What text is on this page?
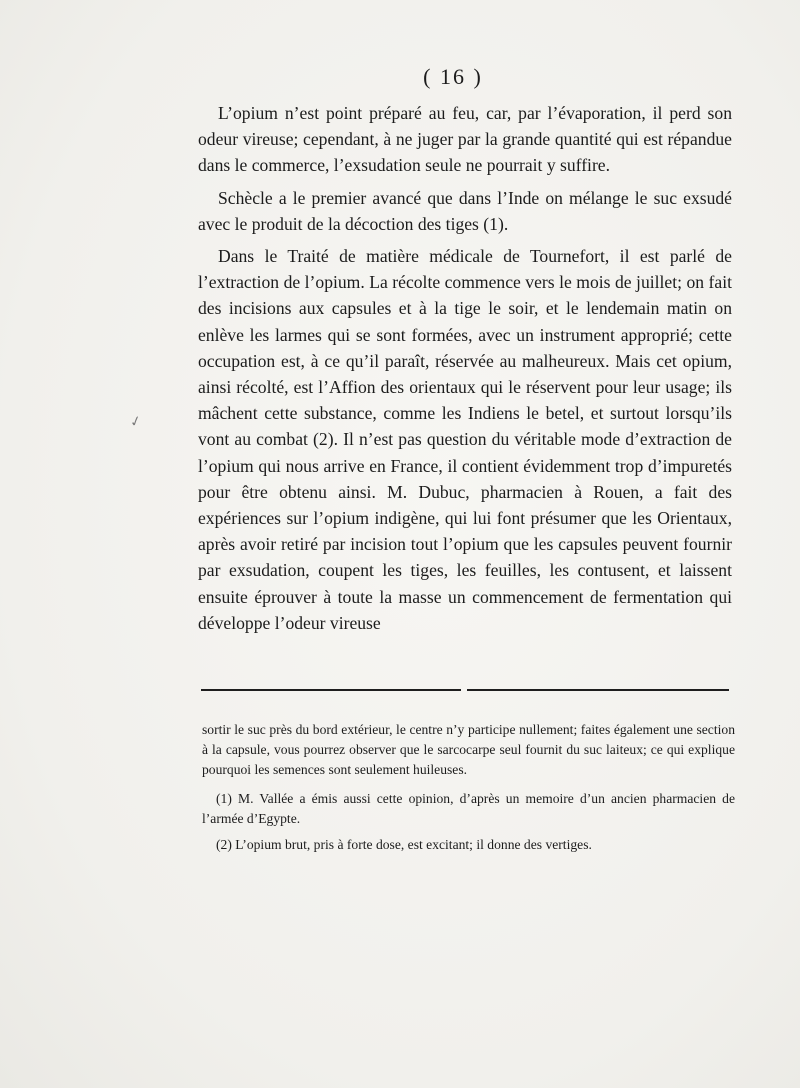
( 16 )

L’opium n’est point préparé au feu, car, par l’évaporation, il perd son odeur vireuse; cependant, à ne juger par la grande quantité qui est répandue dans le commerce, l’exsudation seule ne pourrait y suffire.

Schècle a le premier avancé que dans l’Inde on mélange le suc exsudé avec le produit de la décoction des tiges (1).

Dans le Traité de matière médicale de Tournefort, il est parlé de l’extraction de l’opium. La récolte commence vers le mois de juillet; on fait des incisions aux capsules et à la tige le soir, et le lendemain matin on enlève les larmes qui se sont formées, avec un instrument approprié; cette occupation est, à ce qu’il paraît, réservée au malheureux. Mais cet opium, ainsi récolté, est l’Affion des orientaux qui le réservent pour leur usage; ils mâchent cette substance, comme les Indiens le betel, et surtout lorsqu’ils vont au combat (2). Il n’est pas question du véritable mode d’extraction de l’opium qui nous arrive en France, il contient évidemment trop d’impuretés pour être obtenu ainsi. M. Dubuc, pharmacien à Rouen, a fait des expériences sur l’opium indigène, qui lui font présumer que les Orientaux, après avoir retiré par incision tout l’opium que les capsules peuvent fournir par exsudation, coupent les tiges, les feuilles, les contusent, et laissent ensuite éprouver à toute la masse un commencement de fermentation qui développe l’odeur vireuse

✓

sortir le suc près du bord extérieur, le centre n’y participe nullement; faites également une section à la capsule, vous pourrez observer que le sarcocarpe seul fournit du suc laiteux; ce qui explique pourquoi les semences sont seulement huileuses.

(1) M. Vallée a émis aussi cette opinion, d’après un memoire d’un ancien pharmacien de l’armée d’Egypte.

(2) L’opium brut, pris à forte dose, est excitant; il donne des vertiges.
